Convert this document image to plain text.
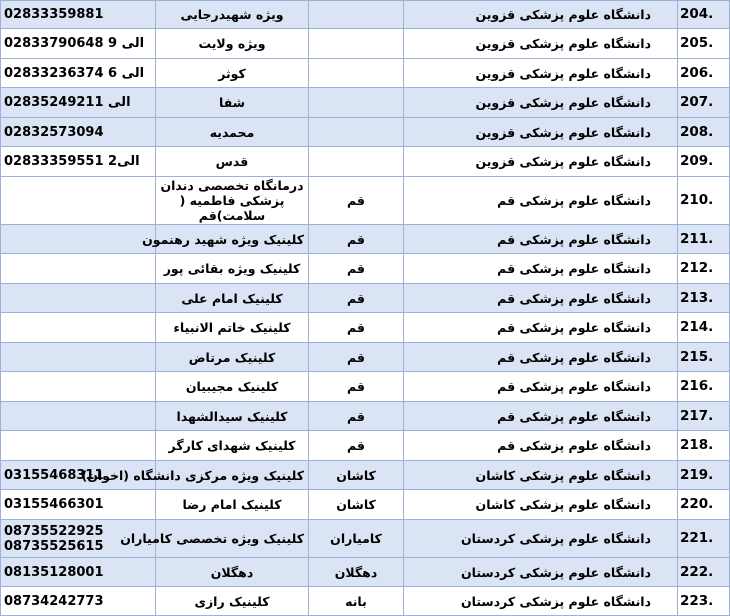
204.	دانشگاه علوم پزشکی قزوین		ویژه شهیدرجایی	02833359881
205.	دانشگاه علوم پزشکی قزوین		ویژه ولایت	02833790648 الی 9
206.	دانشگاه علوم پزشکی قزوین		کوثر	02833236374 الی 6
207.	دانشگاه علوم پزشکی قزوین		شفا	02835249211 الی
208.	دانشگاه علوم پزشکی قزوین		محمدیه	02832573094
209.	دانشگاه علوم پزشکی قزوین		قدس	02833359551 الی2
210.	دانشگاه علوم پزشکی قم	قم	درمانگاه تخصصی دندان پزشکی فاطمیه ( سلامت)قم	
211.	دانشگاه علوم پزشکی قم	قم	کلینیک ویژه شهید رهنمون	
212.	دانشگاه علوم پزشکی قم	قم	کلینیک ویژه بقائی پور	
213.	دانشگاه علوم پزشکی قم	قم	کلینیک امام علی	
214.	دانشگاه علوم پزشکی قم	قم	کلینیک خاتم الانبیاء	
215.	دانشگاه علوم پزشکی قم	قم	کلینیک مرتاض	
216.	دانشگاه علوم پزشکی قم	قم	کلینیک مجیبیان	
217.	دانشگاه علوم پزشکی قم	قم	کلینیک سیدالشهدا	
218.	دانشگاه علوم پزشکی قم	قم	کلینیک شهدای کارگر	
219.	دانشگاه علوم پزشکی کاشان	کاشان	کلینیک ویژه مرکزی دانشگاه (اخوان)	03155468311
220.	دانشگاه علوم پزشکی کاشان	کاشان	کلینیک امام رضا	03155466301
221.	دانشگاه علوم پزشکی کردستان	کامیاران	کلینیک ویژه تخصصی کامیاران	08735522925
08735525615
222.	دانشگاه علوم پزشکی کردستان	دهگلان	دهگلان	08135128001
223.	دانشگاه علوم پزشکی کردستان	بانه	کلینیک رازی	08734242773
